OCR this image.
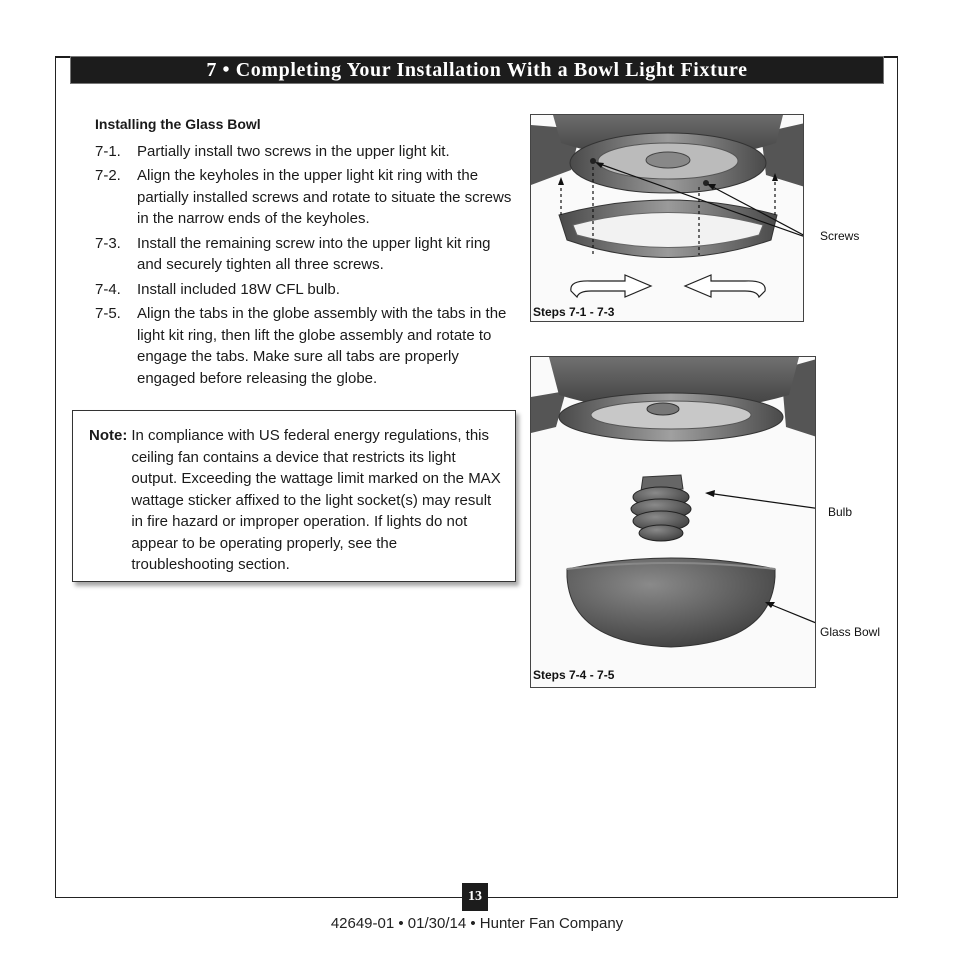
7 • Completing Your Installation With a Bowl Light Fixture
Installing the Glass Bowl
7-1.	Partially install two screws in the upper light kit.
7-2.	Align the keyholes in the upper light kit ring with the partially installed screws and rotate to situate the screws in the narrow ends of the keyholes.
7-3.	Install the remaining screw into the upper light kit ring and securely tighten all three screws.
7-4.	Install included 18W CFL bulb.
7-5.	Align the tabs in the globe assembly with the tabs in the light kit ring, then lift the globe assembly and rotate to engage the tabs. Make sure all tabs are properly engaged before releasing the globe.
Note: In compliance with US federal energy regulations, this ceiling fan contains a device that restricts its light output. Exceeding the wattage limit marked on the MAX wattage sticker affixed to the light socket(s) may result in fire hazard or improper operation. If lights do not appear to be operating properly, see the troubleshooting section.
Steps 7-1 - 7-3
Screws
Steps 7-4 - 7-5
Bulb
Glass Bowl
13
42649-01 • 01/30/14 • Hunter Fan Company
